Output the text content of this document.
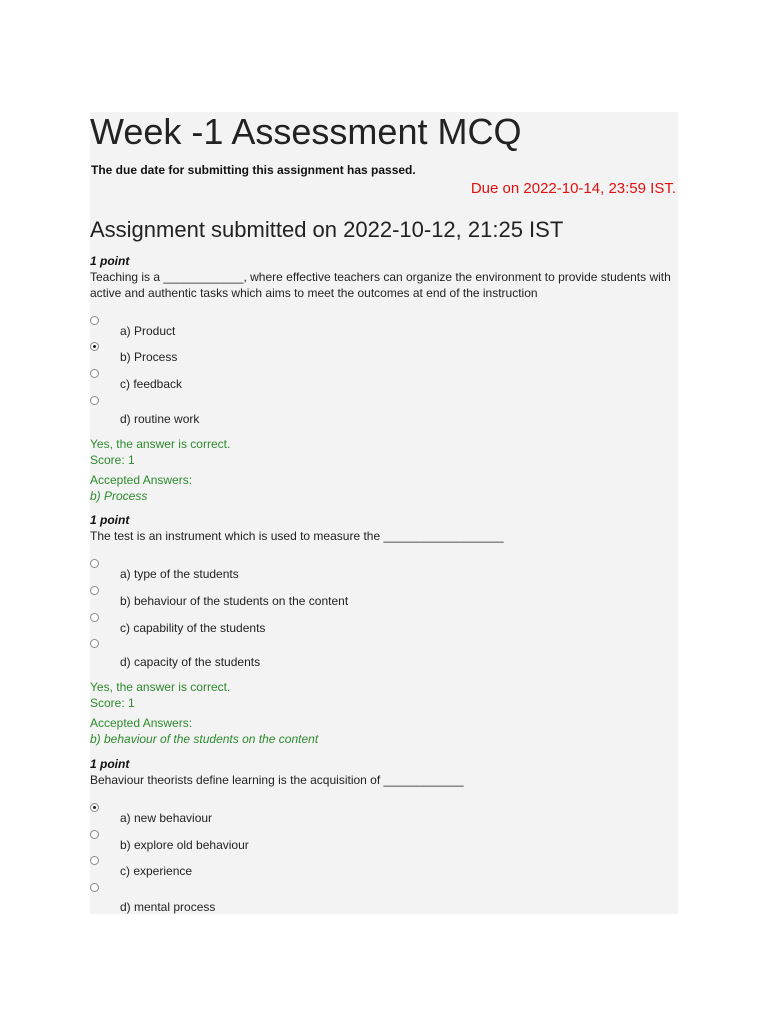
Week -1 Assessment MCQ
The due date for submitting this assignment has passed.
Due on 2022-10-14, 23:59 IST.
Assignment submitted on 2022-10-12, 21:25 IST
1 point
Teaching is a ____________, where effective teachers can organize the environment to provide students with active and authentic tasks which aims to meet the outcomes at end of the instruction
a) Product
b) Process
c) feedback
d) routine work
Yes, the answer is correct.
Score: 1
Accepted Answers:
b) Process
1 point
The test is an instrument which is used to measure the __________________
a) type of the students
b) behaviour of the students on the content
c) capability of the students
d) capacity of the students
Yes, the answer is correct.
Score: 1
Accepted Answers:
b) behaviour of the students on the content
1 point
Behaviour theorists define learning is the acquisition of ____________
a) new behaviour
b) explore old behaviour
c) experience
d) mental process
